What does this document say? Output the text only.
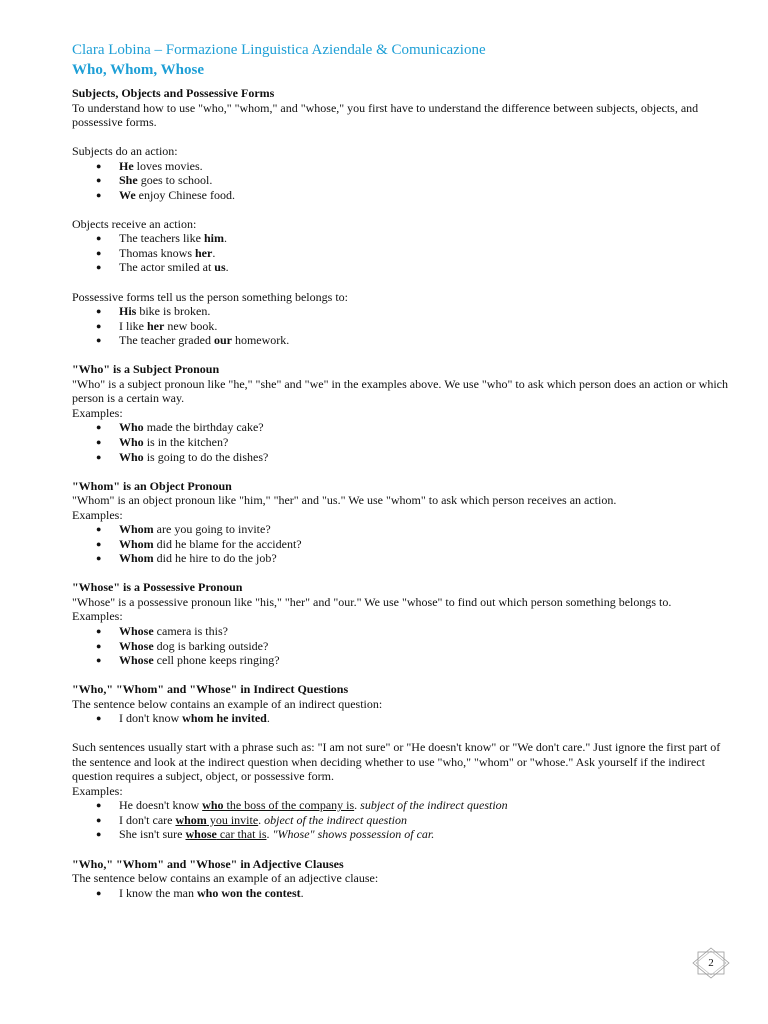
Clara Lobina – Formazione Linguistica Aziendale & Comunicazione

Who, Whom, Whose

Subjects, Objects and Possessive Forms

To understand how to use "who," "whom," and "whose," you first have to understand the difference between subjects, objects, and possessive forms.

Subjects do an action:

● He loves movies.
● She goes to school.
● We enjoy Chinese food.

Objects receive an action:

● The teachers like him.
● Thomas knows her.
● The actor smiled at us.

Possessive forms tell us the person something belongs to:

● His bike is broken.
● I like her new book.
● The teacher graded our homework.

"Who" is a Subject Pronoun

"Who" is a subject pronoun like "he," "she" and "we" in the examples above. We use "who" to ask which person does an action or which person is a certain way.

Examples:

● Who made the birthday cake?
● Who is in the kitchen?
● Who is going to do the dishes?

"Whom" is an Object Pronoun

"Whom" is an object pronoun like "him," "her" and "us." We use "whom" to ask which person receives an action.

Examples:

● Whom are you going to invite?
● Whom did he blame for the accident?
● Whom did he hire to do the job?

"Whose" is a Possessive Pronoun

"Whose" is a possessive pronoun like "his," "her" and "our." We use "whose" to find out which person something belongs to.

Examples:

● Whose camera is this?
● Whose dog is barking outside?
● Whose cell phone keeps ringing?

"Who," "Whom" and "Whose" in Indirect Questions

The sentence below contains an example of an indirect question:

● I don't know whom he invited.

Such sentences usually start with a phrase such as: "I am not sure" or "He doesn't know" or "We don't care." Just ignore the first part of the sentence and look at the indirect question when deciding whether to use "who," "whom" or "whose." Ask yourself if the indirect question requires a subject, object, or possessive form.

Examples:

● He doesn't know who the boss of the company is. subject of the indirect question
● I don't care whom you invite. object of the indirect question
● She isn't sure whose car that is. "Whose" shows possession of car.

"Who," "Whom" and "Whose" in Adjective Clauses

The sentence below contains an example of an adjective clause:

● I know the man who won the contest.
2
